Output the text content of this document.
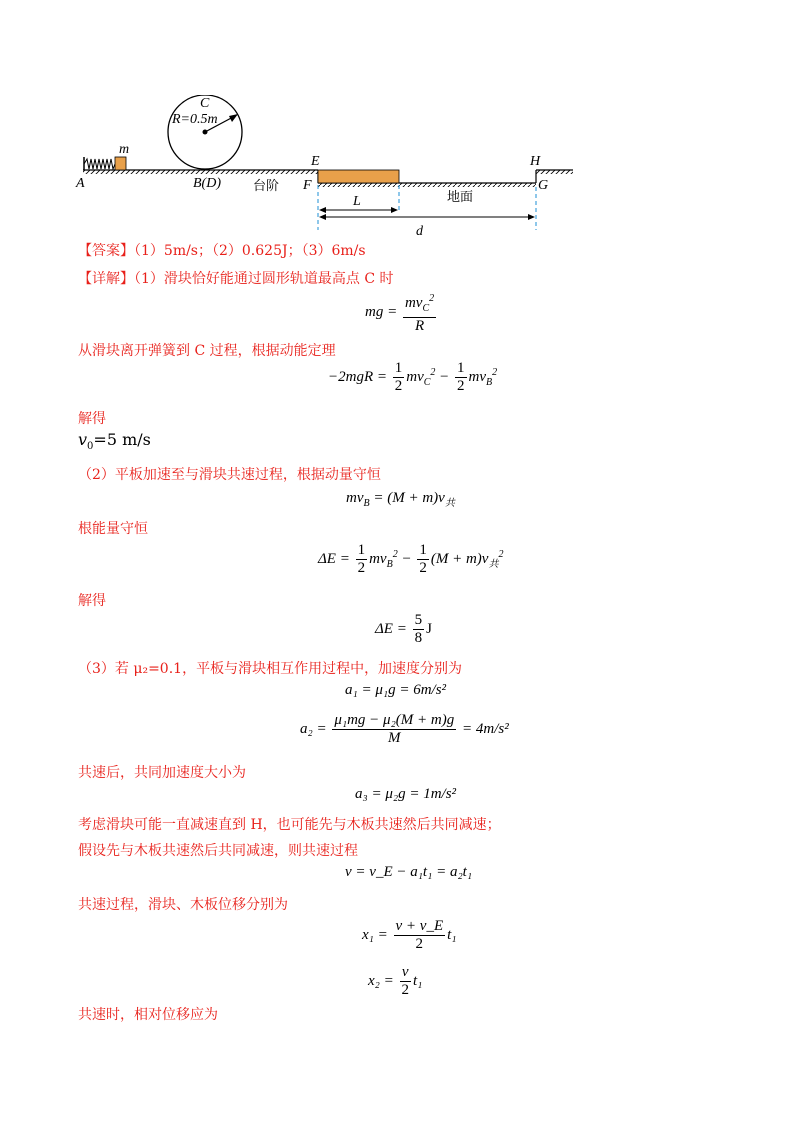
C
R=0.5m
m
A	B(D) 台阶
E
F
H
G
地面
L
d
【答案】（1）5m/s；（2）0.625J；（3）6m/s
【详解】（1）滑块恰好能通过圆形轨道最高点 C 时
mg = $\frac{mv_C^2}{R}$
从滑块离开弹簧到 C 过程，根据动能定理
$-2mgR = \frac{1}{2} mv_C^2 - \frac{1}{2} mv_B^2$
解得
$v_0=5$ m/s
（2）平板加速至与滑块共速过程，根据动量守恒
$mv_B = (M + m)v_共$
根能量守恒
$\Delta E = \frac{1}{2} mv_B^2 - \frac{1}{2} (M + m)v_共^2$
解得
$\Delta E = \frac{5}{8}$ J
（3）若 μ₂=0.1，平板与滑块相互作用过程中，加速度分别为
a₁ = μ₁g = 6m/s²
$a_2 = \frac{\text{μ₁mg − μ₂(M + m)g}}{M} = 4m/s^2$
共速后，共同加速度大小为
a₃ = μ₂g = 1m/s²
考虑滑块可能一直减速直到 H，也可能先与木板共速然后共同减速；
假设先与木板共速然后共同减速，则共速过程
v = v_E − a₁t₁ = a₂t₁
共速过程，滑块、木板位移分别为
$x_1 = \frac{v + v\_E}{2} t_1$
$x_2 = \frac{v}{2} t_1$
共速时，相对位移应为
